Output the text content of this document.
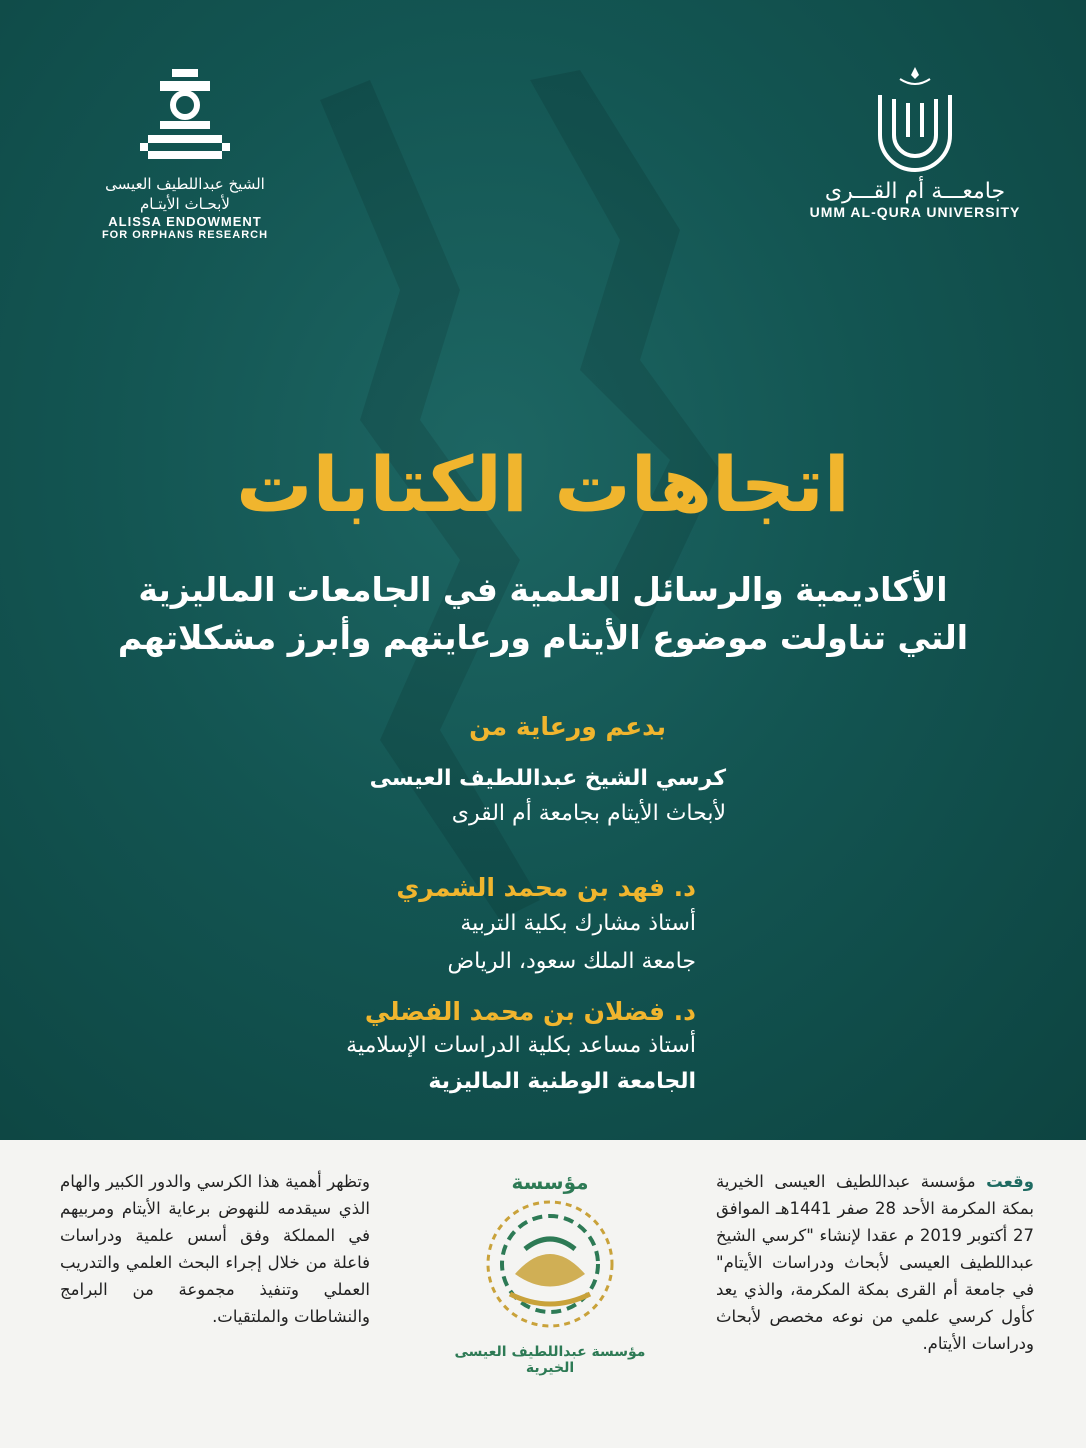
الشيخ عبداللطيف العيسى
لأبحـاث الأيتـام
ALISSA ENDOWMENT
FOR ORPHANS RESEARCH
جامعـــة أم القـــرى
UMM AL-QURA UNIVERSITY
اتجاهات الكتابات
الأكاديمية والرسائل العلمية في الجامعات الماليزية
التي تناولت موضوع الأيتام ورعايتهم وأبرز مشكلاتهم
بدعم ورعاية من
كرسي الشيخ عبداللطيف العيسى
لأبحاث الأيتام بجامعة أم القرى
د. فهد بن محمد الشمري
أستاذ مشارك بكلية التربية
جامعة الملك سعود، الرياض
د. فضلان بن محمد الفضلي
أستاذ مساعد بكلية الدراسات الإسلامية
الجامعة الوطنية الماليزية
وقعت مؤسسة عبداللطيف العيسى الخيرية بمكة المكرمة الأحد 28 صفر 1441هـ الموافق 27 أكتوبر 2019 م عقدا لإنشاء "كرسي الشيخ عبداللطيف العيسى لأبحاث ودراسات الأيتام" في جامعة أم القرى بمكة المكرمة، والذي يعد كأول كرسي علمي من نوعه مخصص لأبحاث ودراسات الأيتام.
مؤسسة
مؤسسة عبداللطيف العيسى الخيرية
وتظهر أهمية هذا الكرسي والدور الكبير والهام الذي سيقدمه للنهوض برعاية الأيتام ومربيهم في المملكة وفق أسس علمية ودراسات فاعلة من خلال إجراء البحث العلمي والتدريب العملي وتنفيذ مجموعة من البرامج والنشاطات والملتقيات.
